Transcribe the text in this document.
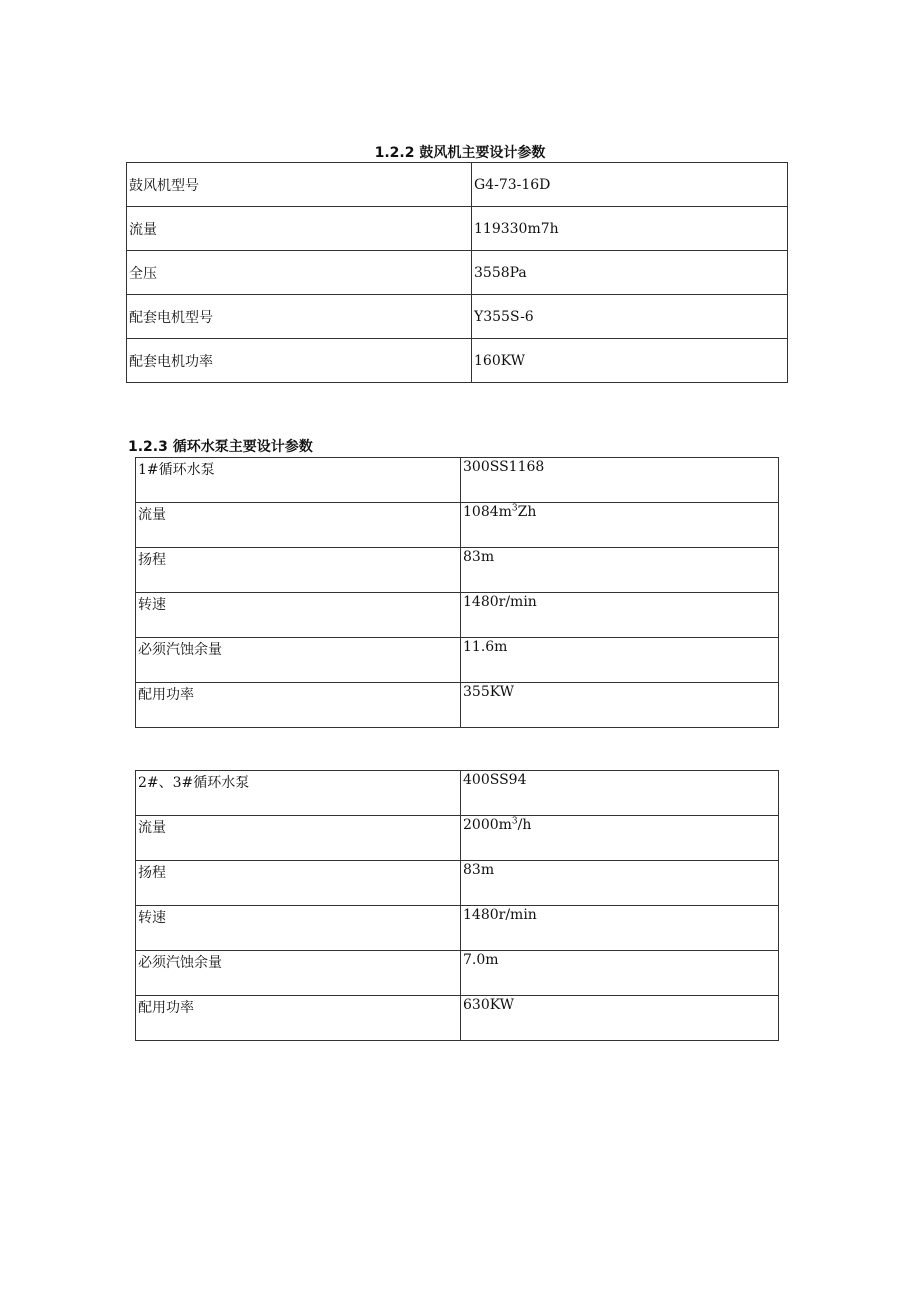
1.2.2 鼓风机主要设计参数
鼓风机型号	G4-73-16D
流量	119330m7h
全压	3558Pa
配套电机型号	Y355S-6
配套电机功率	160KW
1.2.3 循环水泵主要设计参数
1#循环水泵	300SS1168
流量	$1084m^3Zh$
扬程	83m
转速	1480r/min
必须汽蚀余量	11.6m
配用功率	355KW
2#、3#循环水泵	400SS94
流量	$2000m^3/h$
扬程	83m
转速	1480r/min
必须汽蚀余量	7.0m
配用功率	630KW
